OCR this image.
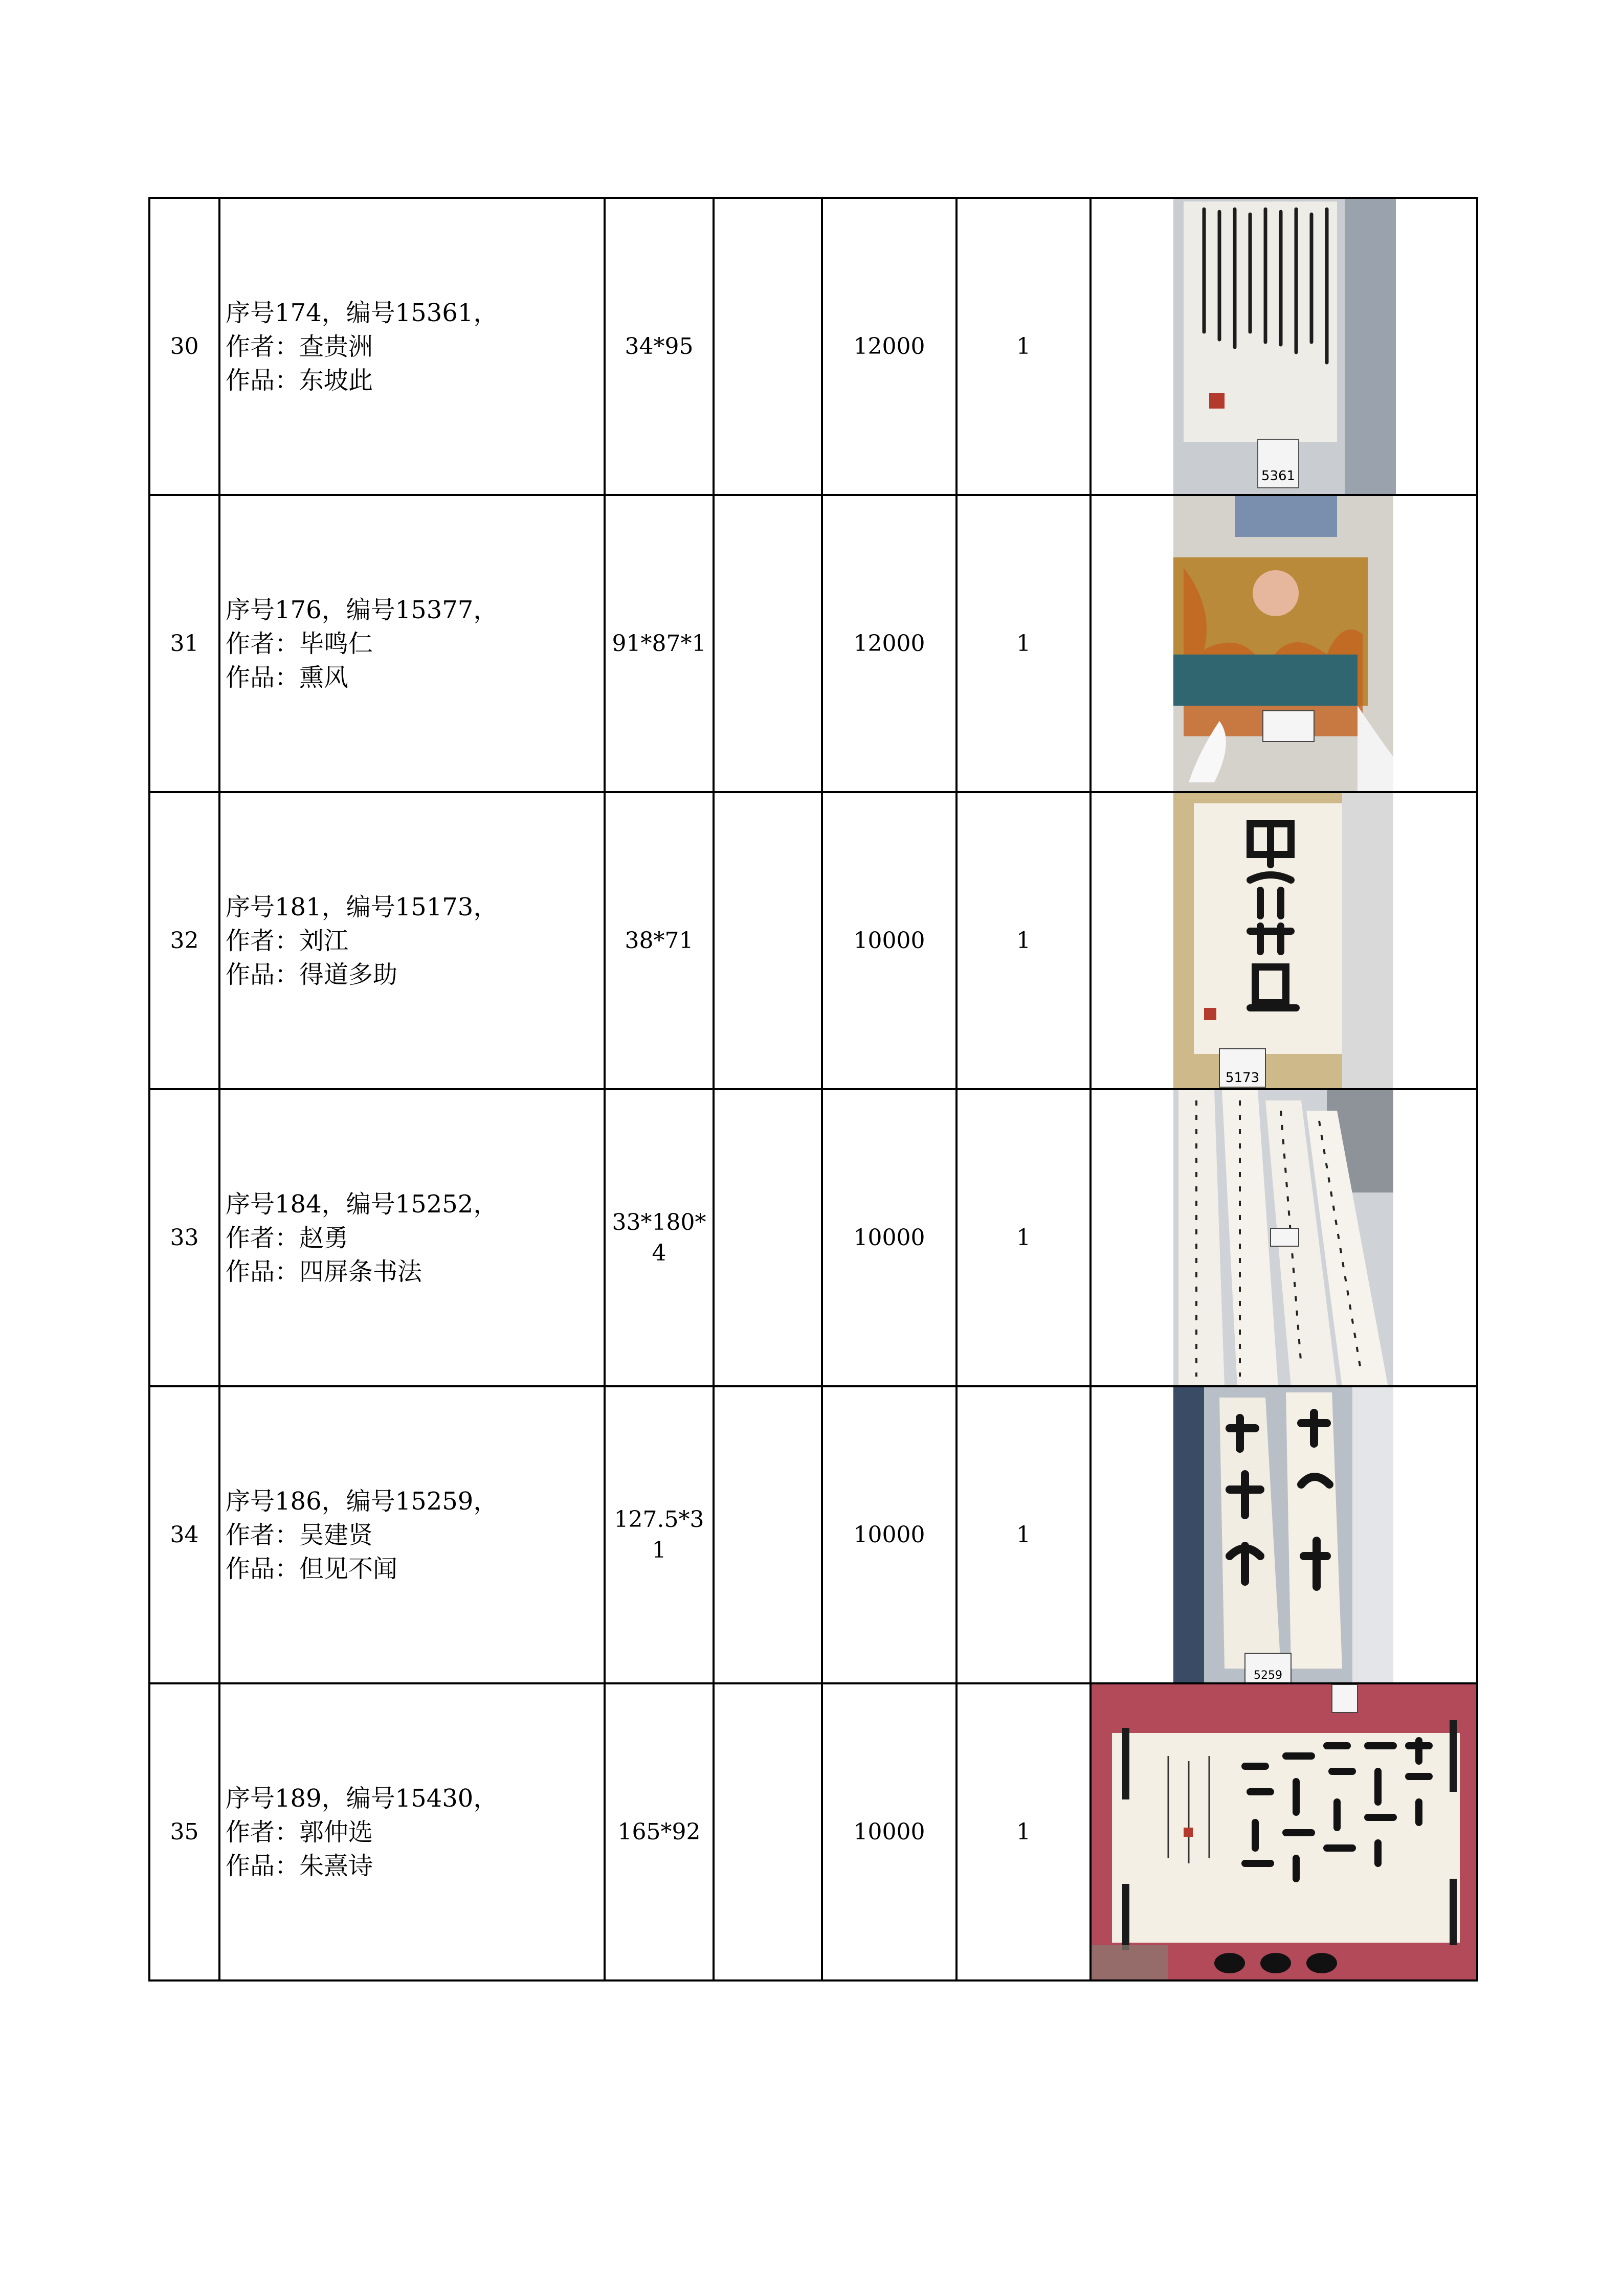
30	序号174，编号15361，
作者：查贵洲
作品：东坡此	34*95		12000	1	5361

31	序号176，编号15377，
作者：毕鸣仁
作品：熏风	91*87*1		12000	1	

32	序号181，编号15173，
作者：刘江
作品：得道多助	38*71		10000	1	5173

33	序号184，编号15252，
作者：赵勇
作品：四屏条书法	33*180*4		10000	1	

34	序号186，编号15259，
作者：吴建贤
作品：但见不闻	127.5*31		10000	1	5259

35	序号189，编号15430，
作者：郭仲选
作品：朱熹诗	165*92		10000	1	
